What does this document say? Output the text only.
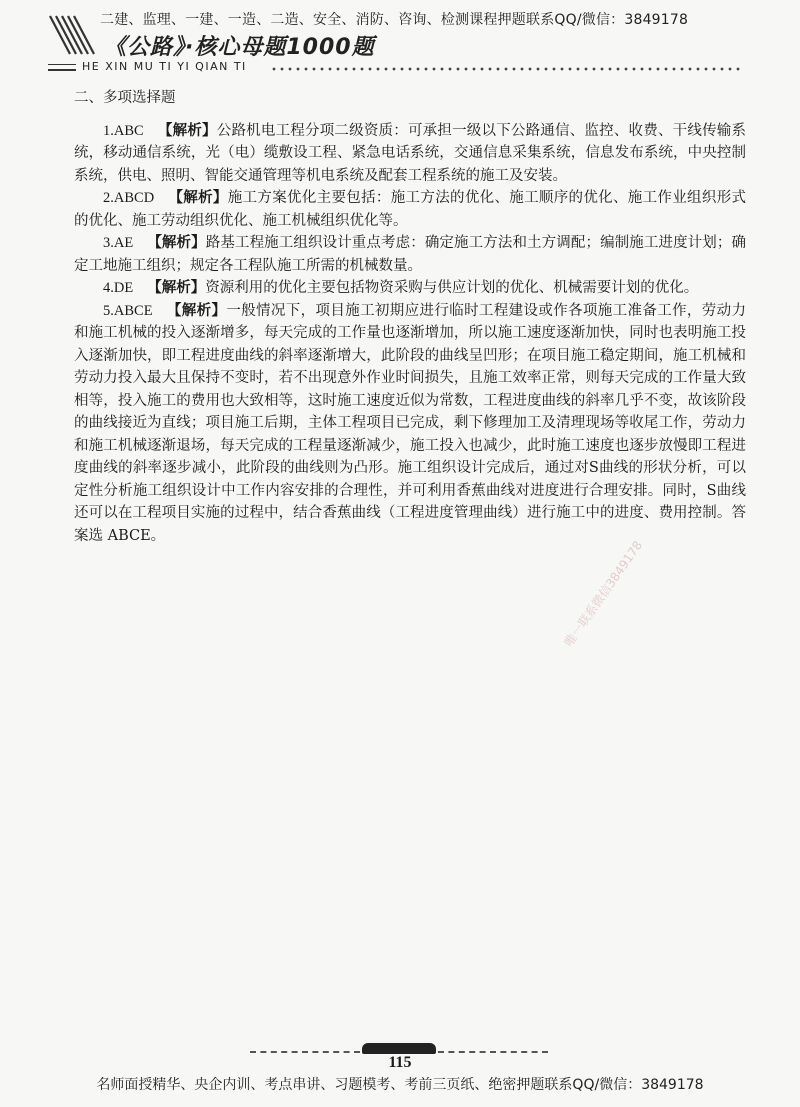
二建、监理、一建、一造、二造、安全、消防、咨询、检测课程押题联系QQ/微信：3849178
《公路》·核心母题1000题
HE XIN MU TI YI QIAN TI
二、多项选择题

1.ABC 【解析】公路机电工程分项二级资质：可承担一级以下公路通信、监控、收费、干线传输系统，移动通信系统，光（电）缆敷设工程、紧急电话系统，交通信息采集系统，信息发布系统，中央控制系统，供电、照明、智能交通管理等机电系统及配套工程系统的施工及安装。

2.ABCD 【解析】施工方案优化主要包括：施工方法的优化、施工顺序的优化、施工作业组织形式的优化、施工劳动组织优化、施工机械组织优化等。

3.AE 【解析】路基工程施工组织设计重点考虑：确定施工方法和土方调配；编制施工进度计划；确定工地施工组织；规定各工程队施工所需的机械数量。

4.DE 【解析】资源利用的优化主要包括物资采购与供应计划的优化、机械需要计划的优化。

5.ABCE 【解析】一般情况下，项目施工初期应进行临时工程建设或作各项施工准备工作，劳动力和施工机械的投入逐渐增多，每天完成的工作量也逐渐增加，所以施工速度逐渐加快，同时也表明施工投入逐渐加快，即工程进度曲线的斜率逐渐增大，此阶段的曲线呈凹形；在项目施工稳定期间，施工机械和劳动力投入最大且保持不变时，若不出现意外作业时间损失，且施工效率正常，则每天完成的工作量大致相等，投入施工的费用也大致相等，这时施工速度近似为常数，工程进度曲线的斜率几乎不变，故该阶段的曲线接近为直线；项目施工后期，主体工程项目已完成，剩下修理加工及清理现场等收尾工作，劳动力和施工机械逐渐退场，每天完成的工程量逐渐减少，施工投入也减少，此时施工速度也逐步放慢即工程进度曲线的斜率逐步减小，此阶段的曲线则为凸形。施工组织设计完成后，通过对S曲线的形状分析，可以定性分析施工组织设计中工作内容安排的合理性，并可利用香蕉曲线对进度进行合理安排。同时，S曲线还可以在工程项目实施的过程中，结合香蕉曲线（工程进度管理曲线）进行施工中的进度、费用控制。答案选 ABCE。

唯一联系微信3849178
115
名师面授精华、央企内训、考点串讲、习题模考、考前三页纸、绝密押题联系QQ/微信：3849178
